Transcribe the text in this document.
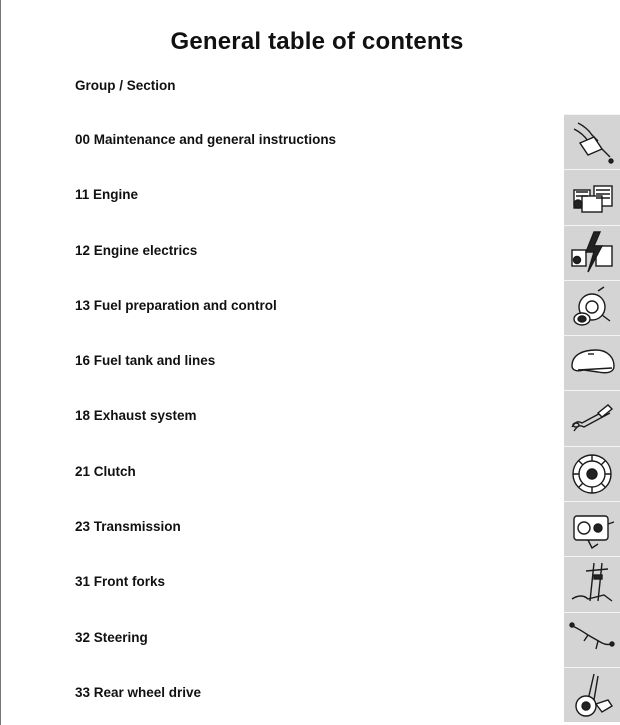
General table of contents
Group / Section
00 Maintenance and general instructions
11 Engine
12 Engine electrics
13 Fuel preparation and control
16 Fuel tank and lines
18 Exhaust system
21 Clutch
23 Transmission
31 Front forks
32 Steering
33 Rear wheel drive
